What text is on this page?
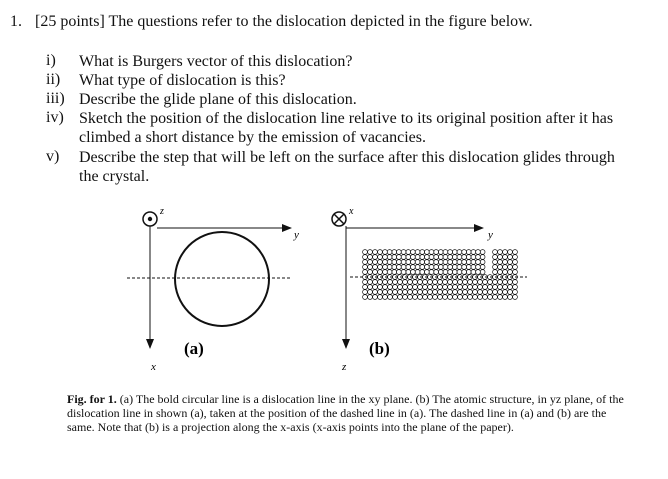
1. [25 points] The questions refer to the dislocation depicted in the figure below.
i) What is Burgers vector of this dislocation?
ii) What type of dislocation is this?
iii) Describe the glide plane of this dislocation.
iv) Sketch the position of the dislocation line relative to its original position after it has
climbed a short distance by the emission of vacancies.
v) Describe the step that will be left on the surface after this dislocation glides through
the crystal.
z
y
x
(a)
x
y
z
(b)
Fig. for 1. (a) The bold circular line is a dislocation line in the xy plane. (b) The atomic structure, in yz plane, of the dislocation line in shown (a), taken at the position of the dashed line in (a). The dashed line in (a) and (b) are the same. Note that (b) is a projection along the x-axis (x-axis points into the plane of the paper).
